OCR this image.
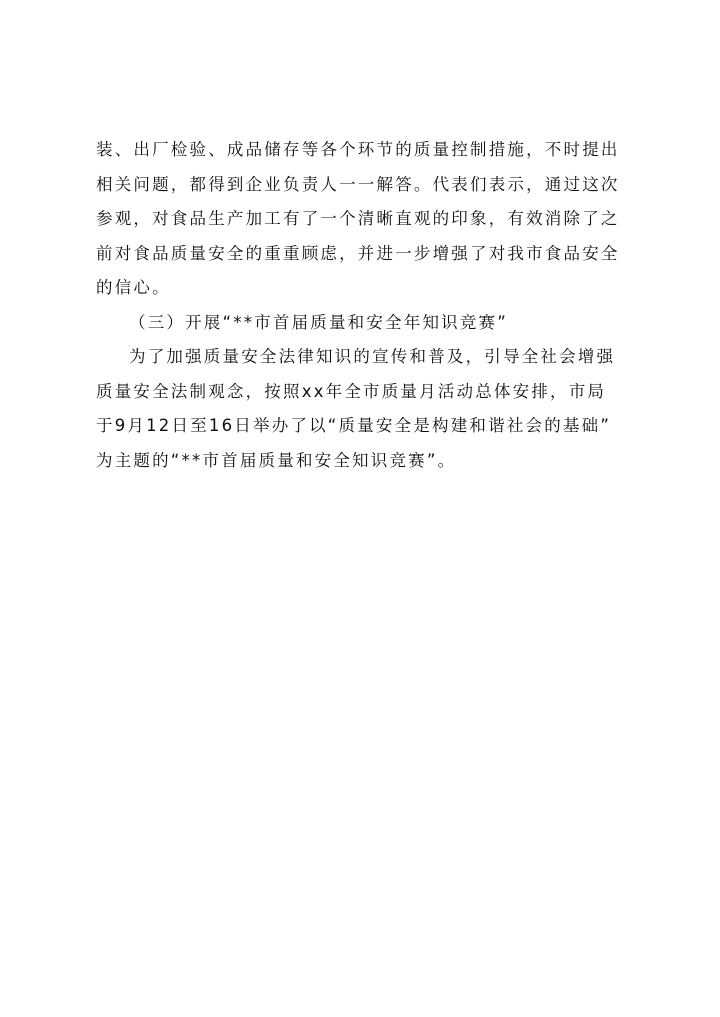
装、出厂检验、成品储存等各个环节的质量控制措施，不时提出
相关问题，都得到企业负责人一一解答。代表们表示，通过这次
参观，对食品生产加工有了一个清晰直观的印象，有效消除了之
前对食品质量安全的重重顾虑，并进一步增强了对我市食品安全
的信心。
（三）开展“**市首届质量和安全年知识竞赛”
为了加强质量安全法律知识的宣传和普及，引导全社会增强
质量安全法制观念，按照xx年全市质量月活动总体安排，市局
于9月12日至16日举办了以“质量安全是构建和谐社会的基础”
为主题的“**市首届质量和安全知识竞赛”。
